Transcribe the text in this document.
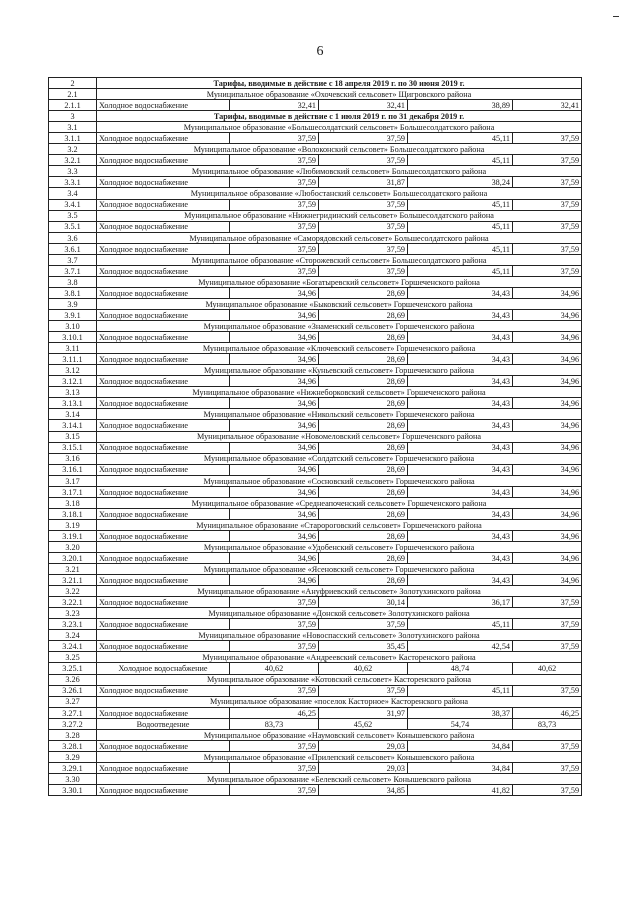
6
2	Тарифы, вводимые в действие с 18 апреля 2019 г. по 30 июня 2019 г.				
2.1	Муниципальное образование «Охочевский сельсовет» Щигровского района				
2.1.1	Холодное водоснабжение	32,41	32,41	38,89	32,41
3	Тарифы, вводимые в действие с 1 июля 2019 г. по 31 декабря 2019 г.				
3.1	Муниципальное образование «Большесолдатский сельсовет» Большесолдатского района				
3.1.1	Холодное водоснабжение	37,59	37,59	45,11	37,59
3.2	Муниципальное образование «Волоконский сельсовет» Большесолдатского района				
3.2.1	Холодное водоснабжение	37,59	37,59	45,11	37,59
3.3	Муниципальное образование «Любимовский сельсовет» Большесолдатского района				
3.3.1	Холодное водоснабжение	37,59	31,87	38,24	37,59
3.4	Муниципальное образование «Любостанский сельсовет» Большесолдатского района				
3.4.1	Холодное водоснабжение	37,59	37,59	45,11	37,59
3.5	Муниципальное образование «Нижнегридинский сельсовет» Большесолдатского района				
3.5.1	Холодное водоснабжение	37,59	37,59	45,11	37,59
3.6	Муниципальное образование «Саморядовский сельсовет» Большесолдатского района				
3.6.1	Холодное водоснабжение	37,59	37,59	45,11	37,59
3.7	Муниципальное образование «Сторожевский сельсовет» Большесолдатского района				
3.7.1	Холодное водоснабжение	37,59	37,59	45,11	37,59
3.8	Муниципальное образование «Богатыревский сельсовет» Горшеченского района				
3.8.1	Холодное водоснабжение	34,96	28,69	34,43	34,96
3.9	Муниципальное образование «Быковский сельсовет» Горшеченского района				
3.9.1	Холодное водоснабжение	34,96	28,69	34,43	34,96
3.10	Муниципальное образование «Знаменский сельсовет» Горшеченского района				
3.10.1	Холодное водоснабжение	34,96	28,69	34,43	34,96
3.11	Муниципальное образование «Ключевский сельсовет» Горшеченского района				
3.11.1	Холодное водоснабжение	34,96	28,69	34,43	34,96
3.12	Муниципальное образование «Куньевский сельсовет» Горшеченского района				
3.12.1	Холодное водоснабжение	34,96	28,69	34,43	34,96
3.13	Муниципальное образование «Нижнеборковский сельсовет» Горшеченского района				
3.13.1	Холодное водоснабжение	34,96	28,69	34,43	34,96
3.14	Муниципальное образование «Никольский сельсовет» Горшеченского района				
3.14.1	Холодное водоснабжение	34,96	28,69	34,43	34,96
3.15	Муниципальное образование «Новомеловский сельсовет» Горшеченского района				
3.15.1	Холодное водоснабжение	34,96	28,69	34,43	34,96
3.16	Муниципальное образование «Солдатский сельсовет» Горшеченского района				
3.16.1	Холодное водоснабжение	34,96	28,69	34,43	34,96
3.17	Муниципальное образование «Сосновский сельсовет» Горшеченского района				
3.17.1	Холодное водоснабжение	34,96	28,69	34,43	34,96
3.18	Муниципальное образование «Среднеапоченский сельсовет» Горшеченского района				
3.18.1	Холодное водоснабжение	34,96	28,69	34,43	34,96
3.19	Муниципальное образование «Старороговский сельсовет» Горшеченского района				
3.19.1	Холодное водоснабжение	34,96	28,69	34,43	34,96
3.20	Муниципальное образование «Удобенский сельсовет» Горшеченского района				
3.20.1	Холодное водоснабжение	34,96	28,69	34,43	34,96
3.21	Муниципальное образование «Ясеновский сельсовет» Горшеченского района				
3.21.1	Холодное водоснабжение	34,96	28,69	34,43	34,96
3.22	Муниципальное образование «Ануфриевский сельсовет» Золотухинского района				
3.22.1	Холодное водоснабжение	37,59	30,14	36,17	37,59
3.23	Муниципальное образование «Донской сельсовет» Золотухинского района				
3.23.1	Холодное водоснабжение	37,59	37,59	45,11	37,59
3.24	Муниципальное образование «Новоспасский сельсовет» Золотухинского района				
3.24.1	Холодное водоснабжение	37,59	35,45	42,54	37,59
3.25	Муниципальное образование «Андреевский сельсовет» Касторенского района				
3.25.1	Холодное водоснабжение	40,62	40,62	48,74	40,62
3.26	Муниципальное образование «Котовский сельсовет» Касторенского района				
3.26.1	Холодное водоснабжение	37,59	37,59	45,11	37,59
3.27	Муниципальное образование «поселок Касторное» Касторенского района				
3.27.1	Холодное водоснабжение	46,25	31,97	38,37	46,25
3.27.2	Водоотведение	83,73	45,62	54,74	83,73
3.28	Муниципальное образование «Наумовский сельсовет» Конышевского района				
3.28.1	Холодное водоснабжение	37,59	29,03	34,84	37,59
3.29	Муниципальное образование «Прилепский сельсовет» Конышевского района				
3.29.1	Холодное водоснабжение	37,59	29,03	34,84	37,59
3.30	Муниципальное образование «Белевский сельсовет» Конышевского района				
3.30.1	Холодное водоснабжение	37,59	34,85	41,82	37,59
